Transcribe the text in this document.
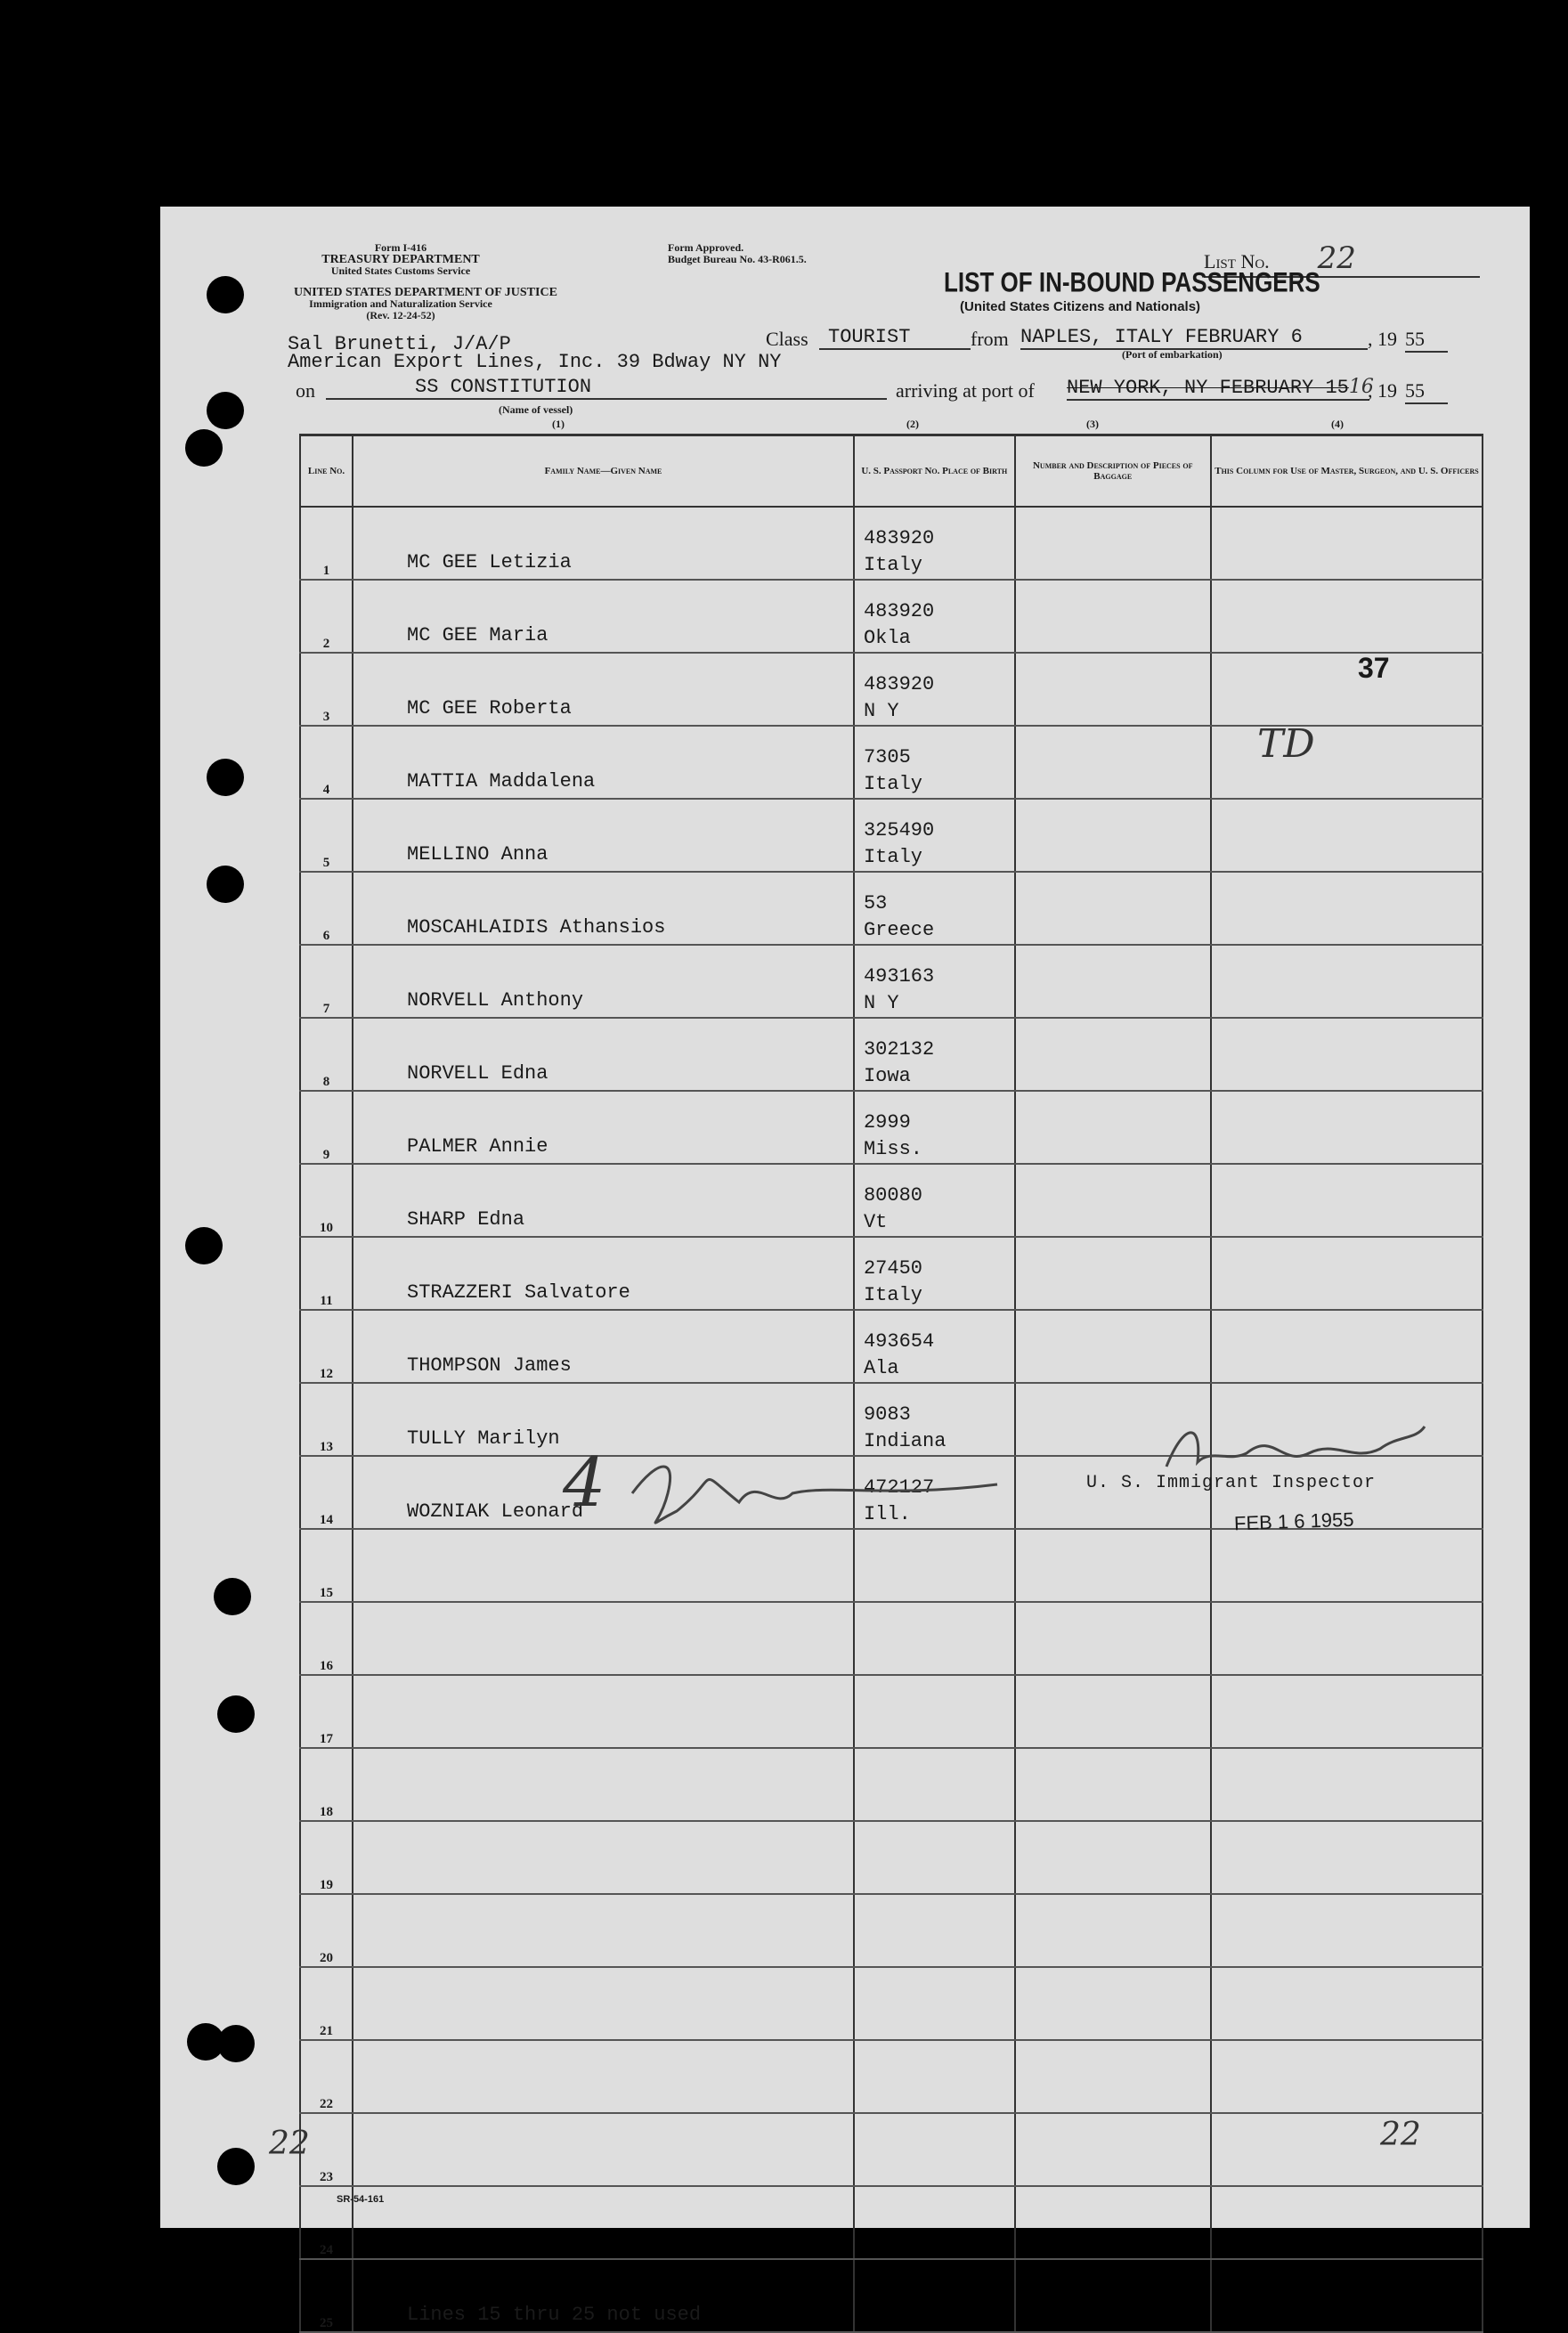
Form I-416
TREASURY DEPARTMENT
United States Customs Service
UNITED STATES DEPARTMENT OF JUSTICE
Immigration and Naturalization Service
(Rev. 12-24-52)
Form Approved.
Budget Bureau No. 43-R061.5.	List No. 22
LIST OF IN-BOUND PASSENGERS
(United States Citizens and Nationals)
Sal Brunetti, J/A/P
American Export Lines, Inc. 39 Bdway NY NY
Class	TOURIST	from NAPLES, ITALY FEBRUARY 6	, 19 55
(Port of embarkation)
on	SS CONSTITUTION
(Name of vessel)
arriving at port of NEW YORK, NY FEBRUARY 1516
, 19 55
(1)	(2)	(3)	(4)
Line No.	Family Name—Given Name	U. S. Passport No. Place of Birth	Number and Description of Pieces of Baggage	This Column for Use of Master, Surgeon, and U. S. Officers
1	MC GEE Letizia	483920
Italy		

2	MC GEE Maria	483920
Okla		

3	MC GEE Roberta	483920
N Y		

4	MATTIA Maddalena	7305
Italy		

5	MELLINO Anna	325490
Italy		

6	MOSCAHLAIDIS Athansios	53
Greece		

7	NORVELL Anthony	493163
N Y		

8	NORVELL Edna	302132
Iowa		

9	PALMER Annie	2999
Miss.		

10	SHARP Edna	80080
Vt		

11	STRAZZERI Salvatore	27450
Italy		

12	THOMPSON James	493654
Ala		

13	TULLY Marilyn	9083
Indiana		

14	WOZNIAK Leonard	472127
Ill.		

15		

16		

17		

18		

19		

20		

21		

22		

23		

24		

25	Lines 15 thru 25 not used	

37
TD
4	U. S. Immigrant Inspector
FEB 1 6 1955
22	22
SR-54-161
